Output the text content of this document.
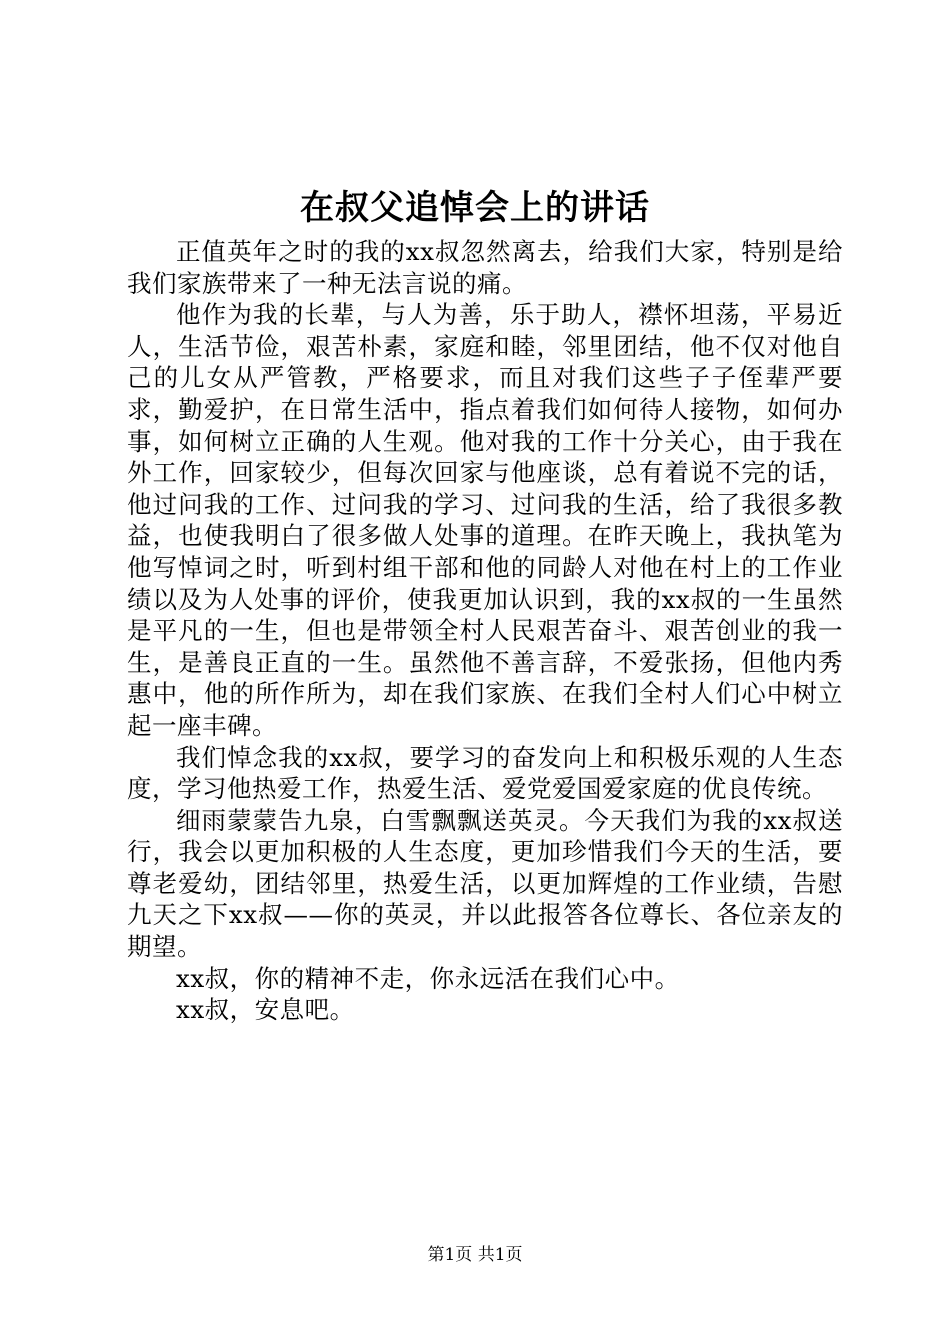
在叔父追悼会上的讲话

正值英年之时的我的xx叔忽然离去，给我们大家，特别是给我们家族带来了一种无法言说的痛。

他作为我的长辈，与人为善，乐于助人，襟怀坦荡，平易近人，生活节俭，艰苦朴素，家庭和睦，邻里团结，他不仅对他自己的儿女从严管教，严格要求，而且对我们这些子子侄辈严要求，勤爱护，在日常生活中，指点着我们如何待人接物，如何办事，如何树立正确的人生观。他对我的工作十分关心，由于我在外工作，回家较少，但每次回家与他座谈，总有着说不完的话，他过问我的工作、过问我的学习、过问我的生活，给了我很多教益，也使我明白了很多做人处事的道理。在昨天晚上，我执笔为他写悼词之时，听到村组干部和他的同龄人对他在村上的工作业绩以及为人处事的评价，使我更加认识到，我的xx叔的一生虽然是平凡的一生，但也是带领全村人民艰苦奋斗、艰苦创业的我一生，是善良正直的一生。虽然他不善言辞，不爱张扬，但他内秀惠中，他的所作所为，却在我们家族、在我们全村人们心中树立起一座丰碑。

我们悼念我的xx叔，要学习的奋发向上和积极乐观的人生态度，学习他热爱工作，热爱生活、爱党爱国爱家庭的优良传统。

细雨蒙蒙告九泉，白雪飘飘送英灵。今天我们为我的xx叔送行，我会以更加积极的人生态度，更加珍惜我们今天的生活，要尊老爱幼，团结邻里，热爱生活，以更加辉煌的工作业绩，告慰九天之下xx叔——你的英灵，并以此报答各位尊长、各位亲友的期望。

xx叔，你的精神不走，你永远活在我们心中。

xx叔，安息吧。

第1页 共1页
